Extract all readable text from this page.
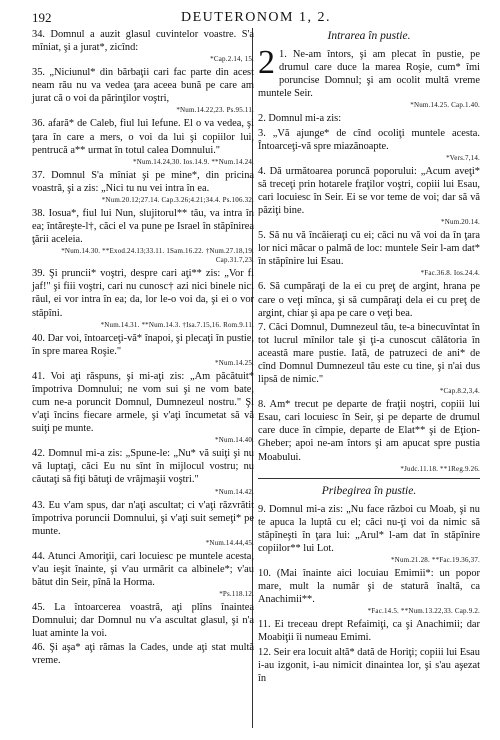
192	DEUTERONOM 1, 2.
34. Domnul a auzit glasul cuvintelor voastre. S'a mîniat, şi a jurat*, zicînd:
*Cap.2.14, 15.
35. „Niciunul* din bărbaţii cari fac parte din acest neam rău nu va vedea ţara aceea bună pe care am jurat că o voi da părinţilor voştri,
*Num.14.22,23. Ps.95.11.
36. afară* de Caleb, fiul lui Iefune. El o va vedea, şi ţara în care a mers, o voi da lui şi copiilor lui, pentrucă a** urmat în totul calea Domnului."
*Num.14.24,30. Ios.14.9. **Num.14.24.
37. Domnul S'a mîniat şi pe mine*, din pricina voastră, şi a zis: „Nici tu nu vei intra în ea.
*Num.20.12;27.14. Cap.3.26;4.21;34.4. Ps.106.32.
38. Iosua*, fiul lui Nun, slujitorul** tău, va intra în ea; întăreşte-l†, căci el va pune pe Israel în stăpînirea ţării aceleia.
*Num.14.30. **Exod.24.13;33.11. 1Sam.16.22. †Num.27.18,19. Cap.31.7,23.
39. Şi pruncii* voştri, despre cari aţi** zis: „Vor fi jaf!" şi fiii voştri, cari nu cunosc† azi nici binele nici răul, ei vor intra în ea; da, lor le-o voi da, şi ei o vor stăpîni.
*Num.14.31. **Num.14.3. †Isa.7.15,16. Rom.9.11.
40. Dar voi, întoarceţi-vă* înapoi, şi plecaţi în pustie, în spre marea Roşie."
*Num.14.25.
41. Voi aţi răspuns, şi mi-aţi zis: „Am păcătuit* împotriva Domnului; ne vom sui şi ne vom bate, cum ne-a poruncit Domnul, Dumnezeul nostru." Şi v'aţi încins fiecare armele, şi v'aţi încumetat să vă suiţi pe munte.
*Num.14.40.
42. Domnul mi-a zis: „Spune-le: „Nu* vă suiţi şi nu vă luptaţi, căci Eu nu sînt în mijlocul vostru; nu căutaţi să fiţi bătuţi de vrăjmaşii voştri."
*Num.14.42.
43. Eu v'am spus, dar n'aţi ascultat; ci v'aţi răzvrătit împotriva poruncii Domnului, şi v'aţi suit semeţi* pe munte.
*Num.14.44,45.
44. Atunci Amoriţii, cari locuiesc pe muntele acesta, v'au ieşit înainte, şi v'au urmărit ca albinele*; v'au bătut din Seir, pînă la Horma.
*Ps.118.12.
45. La întoarcerea voastră, aţi plîns înaintea Domnului; dar Domnul nu v'a ascultat glasul, şi n'a luat aminte la voi.
46. Şi aşa* aţi rămas la Cades, unde aţi stat multă vreme.
Intrarea în pustie.
2 1. Ne-am întors, şi am plecat în pustie, pe drumul care duce la marea Roşie, cum* îmi poruncise Domnul; şi am ocolit multă vreme muntele Seir.
*Num.14.25. Cap.1.40.
2. Domnul mi-a zis:
3. „Vă ajunge* de cînd ocoliţi muntele acesta. Întoarceţi-vă spre miazănoapte.
*Vers.7,14.
4. Dă următoarea poruncă poporului: „Acum aveţi* să treceţi prin hotarele fraţilor voştri, copiii lui Esau, cari locuiesc în Seir. Ei se vor teme de voi; dar să vă păziţi bine.
*Num.20.14.
5. Să nu vă încăieraţi cu ei; căci nu vă voi da în ţara lor nici măcar o palmă de loc: muntele Seir l-am dat* în stăpînire lui Esau.
*Fac.36.8. Ios.24.4.
6. Să cumpăraţi de la ei cu preţ de argint, hrana pe care o veţi mînca, şi să cumpăraţi dela ei cu preţ de argint, chiar şi apa pe care o veţi bea.
7. Căci Domnul, Dumnezeul tău, te-a binecuvîntat în tot lucrul mînilor tale şi ţi-a cunoscut călătoria în această mare pustie. Iată, de patruzeci de ani* de cînd Domnul Dumnezeul tău este cu tine, şi n'ai dus lipsă de nimic."
*Cap.8.2,3,4.
8. Am* trecut pe departe de fraţii noştri, copiii lui Esau, cari locuiesc în Seir, şi pe departe de drumul care duce în cîmpie, departe de Elat** şi de Eţion-Gheber; apoi ne-am întors şi am apucat spre pustia Moabului.
*Judc.11.18. **1Reg.9.26.
Pribegirea în pustie.
9. Domnul mi-a zis: „Nu face război cu Moab, şi nu te apuca la luptă cu el; căci nu-ţi voi da nimic să stăpîneşti în ţara lui: „Arul* l-am dat în stăpînire copiilor** lui Lot.
*Num.21.28. **Fac.19.36,37.
10. (Mai înainte aici locuiau Emimii*: un popor mare, mult la număr şi de statură înaltă, ca Anachimii**.
*Fac.14.5. **Num.13.22,33. Cap.9.2.
11. Ei treceau drept Refaimiţi, ca şi Anachimii; dar Moabiţii îi numeau Emimi.
12. Seir era locuit altă* dată de Horiţi; copiii lui Esau i-au izgonit, i-au nimicit dinaintea lor, şi s'au aşezat în
